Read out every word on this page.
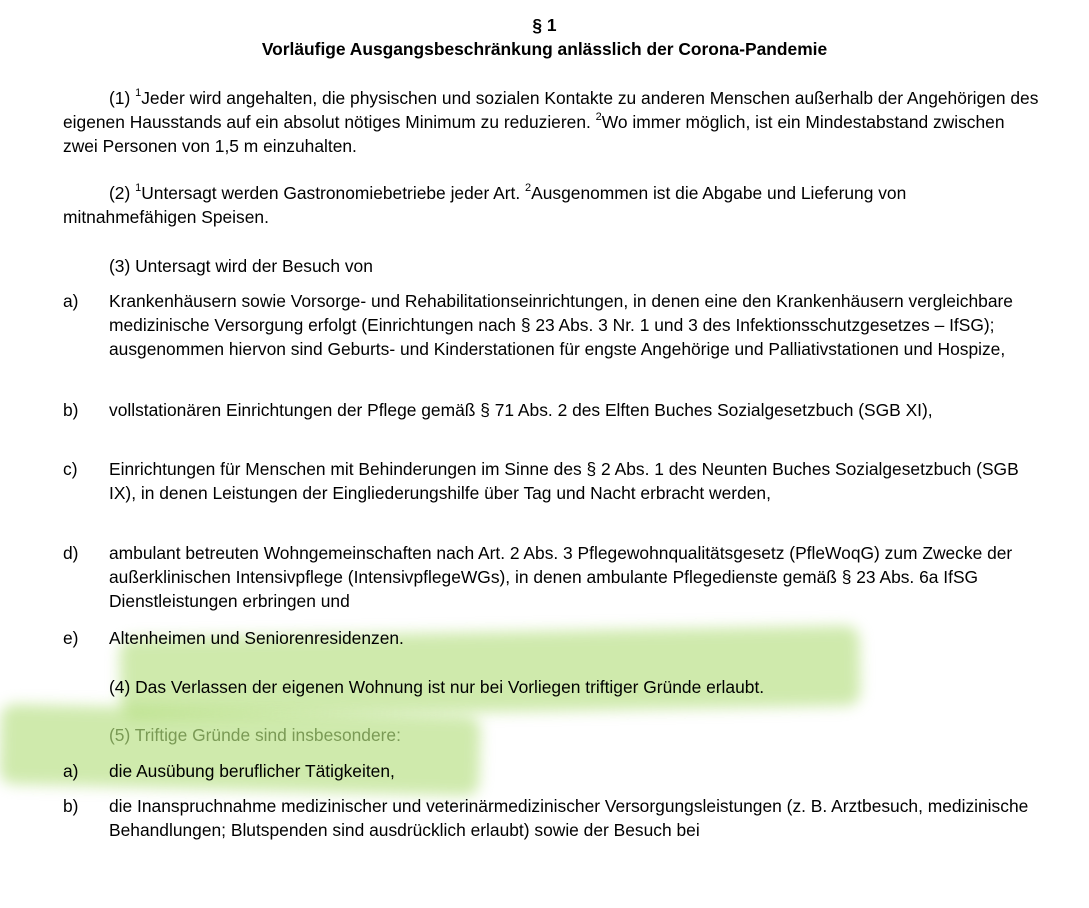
§ 1
Vorläufige Ausgangsbeschränkung anlässlich der Corona-Pandemie
(1) $^1$Jeder wird angehalten, die physischen und sozialen Kontakte zu anderen Menschen außerhalb der Angehörigen des eigenen Hausstands auf ein absolut nötiges Minimum zu reduzieren. $^2$Wo immer möglich, ist ein Mindestabstand zwischen zwei Personen von 1,5 m einzuhalten.
(2) $^1$Untersagt werden Gastronomiebetriebe jeder Art. $^2$Ausgenommen ist die Abgabe und Lieferung von mitnahmefähigen Speisen.
(3) Untersagt wird der Besuch von
a) Krankenhäusern sowie Vorsorge- und Rehabilitationseinrichtungen, in denen eine den Krankenhäusern vergleichbare medizinische Versorgung erfolgt (Einrichtungen nach § 23 Abs. 3 Nr. 1 und 3 des Infektionsschutzgesetzes – IfSG); ausgenommen hiervon sind Geburts- und Kinderstationen für engste Angehörige und Palliativstationen und Hospize,
b) vollstationären Einrichtungen der Pflege gemäß § 71 Abs. 2 des Elften Buches Sozialgesetzbuch (SGB XI),
c) Einrichtungen für Menschen mit Behinderungen im Sinne des § 2 Abs. 1 des Neunten Buches Sozialgesetzbuch (SGB IX), in denen Leistungen der Eingliederungshilfe über Tag und Nacht erbracht werden,
d) ambulant betreuten Wohngemeinschaften nach Art. 2 Abs. 3 Pflegewohnqualitätsgesetz (PfleWoqG) zum Zwecke der außerklinischen Intensivpflege (IntensivpflegeWGs), in denen ambulante Pflegedienste gemäß § 23 Abs. 6a IfSG Dienstleistungen erbringen und
e) Altenheimen und Seniorenresidenzen.
(4) Das Verlassen der eigenen Wohnung ist nur bei Vorliegen triftiger Gründe erlaubt.
(5) Triftige Gründe sind insbesondere:
a) die Ausübung beruflicher Tätigkeiten,
b) die Inanspruchnahme medizinischer und veterinärmedizinischer Versorgungsleistungen (z. B. Arztbesuch, medizinische Behandlungen; Blutspenden sind ausdrücklich erlaubt) sowie der Besuch bei
